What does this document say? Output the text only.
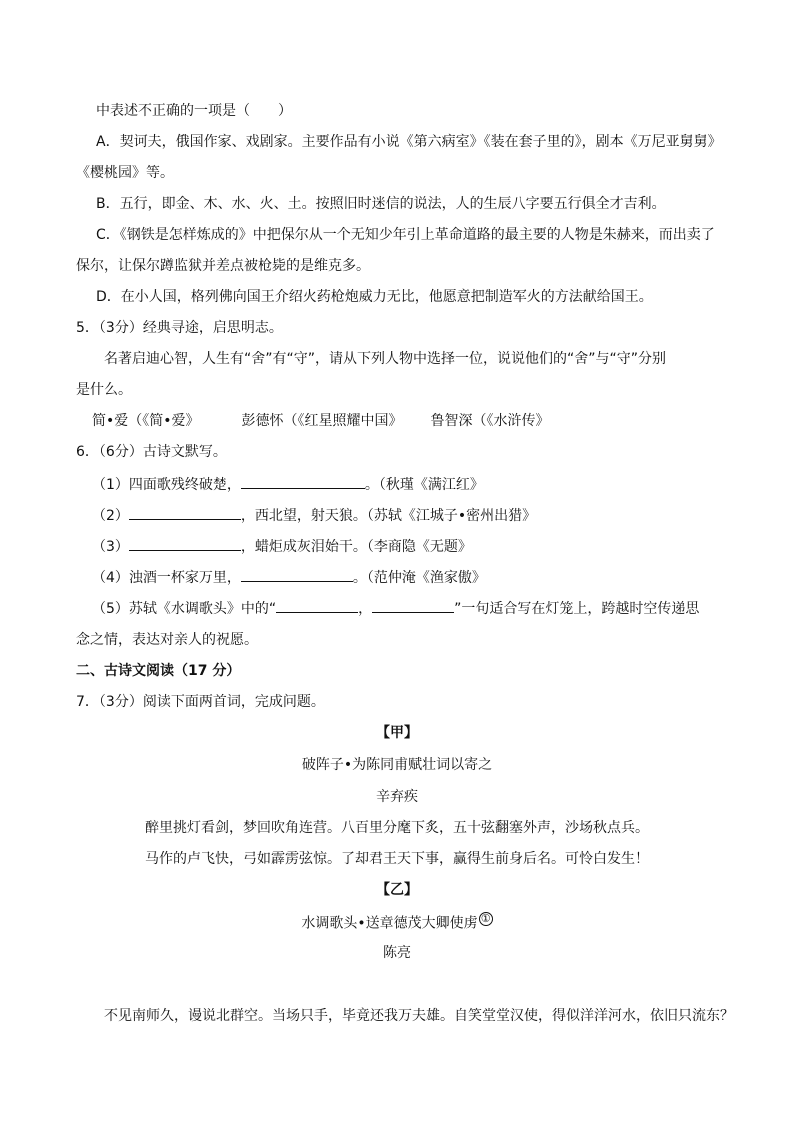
中表述不正确的一项是（　　）
A．契诃夫，俄国作家、戏剧家。主要作品有小说《第六病室》《装在套子里的》，剧本《万尼亚舅舅》
《樱桃园》等。
B．五行，即金、木、水、火、土。按照旧时迷信的说法，人的生辰八字要五行俱全才吉利。
C．《钢铁是怎样炼成的》中把保尔从一个无知少年引上革命道路的最主要的人物是朱赫来，而出卖了
保尔，让保尔蹲监狱并差点被枪毙的是维克多。
D．在小人国，格列佛向国王介绍火药枪炮威力无比，他愿意把制造军火的方法献给国王。
5．（3分）经典寻途，启思明志。
名著启迪心智，人生有“舍”有“守”，请从下列人物中选择一位，说说他们的“舍”与“守”分别
是什么。
简•爱（《简•爱》	彭德怀（《红星照耀中国》 鲁智深（《水浒传》
6．（6分）古诗文默写。
（1）四面歌残终破楚，	。（秋瑾《满江红》
（2）	，西北望，射天狼。（苏轼《江城子•密州出猎》
（3）	，蜡炬成灰泪始干。（李商隐《无题》
（4）浊酒一杯家万里，	。（范仲淹《渔家傲》
（5）苏轼《水调歌头》中的“	，	”一句适合写在灯笼上，跨越时空传递思
念之情，表达对亲人的祝愿。
二、古诗文阅读（17 分）
7．（3分）阅读下面两首词，完成问题。
【甲】
破阵子•为陈同甫赋壮词以寄之
辛弃疾
醉里挑灯看剑，梦回吹角连营。八百里分麾下炙，五十弦翻塞外声，沙场秋点兵。
马作的卢飞快，弓如霹雳弦惊。了却君王天下事，赢得生前身后名。可怜白发生！
【乙】
水调歌头•送章德茂大卿使虏 ①
陈亮
不见南师久，谩说北群空。当场只手，毕竟还我万夫雄。自笑堂堂汉使，得似洋洋河水，依旧只流东？
